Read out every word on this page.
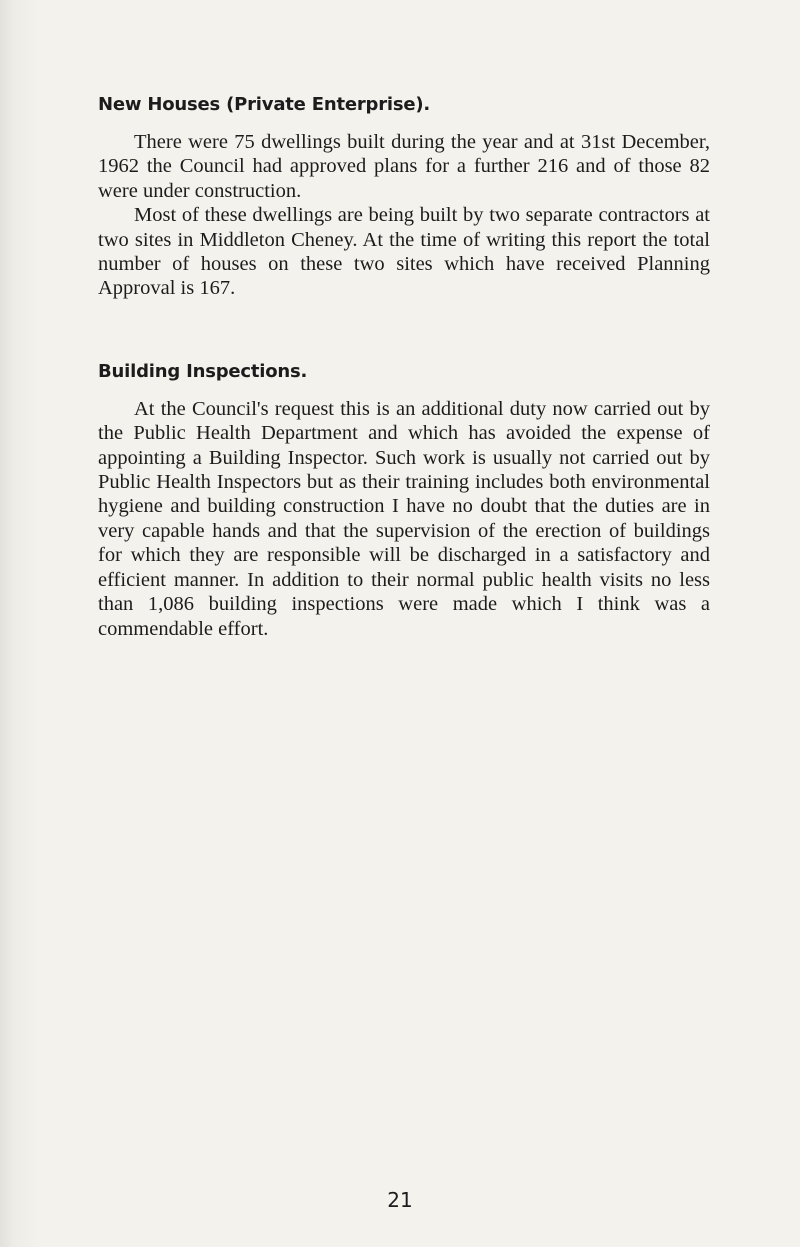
New Houses (Private Enterprise).

There were 75 dwellings built during the year and at 31st December, 1962 the Council had approved plans for a further 216 and of those 82 were under construction.

Most of these dwellings are being built by two separate contractors at two sites in Middleton Cheney. At the time of writing this report the total number of houses on these two sites which have received Planning Approval is 167.

Building Inspections.

At the Council's request this is an additional duty now carried out by the Public Health Department and which has avoided the expense of appointing a Building Inspector. Such work is usually not carried out by Public Health Inspectors but as their training includes both environmental hygiene and building construction I have no doubt that the duties are in very capable hands and that the supervision of the erection of buildings for which they are responsible will be discharged in a satisfactory and efficient manner. In addition to their normal public health visits no less than 1,086 building inspections were made which I think was a commendable effort.

21
